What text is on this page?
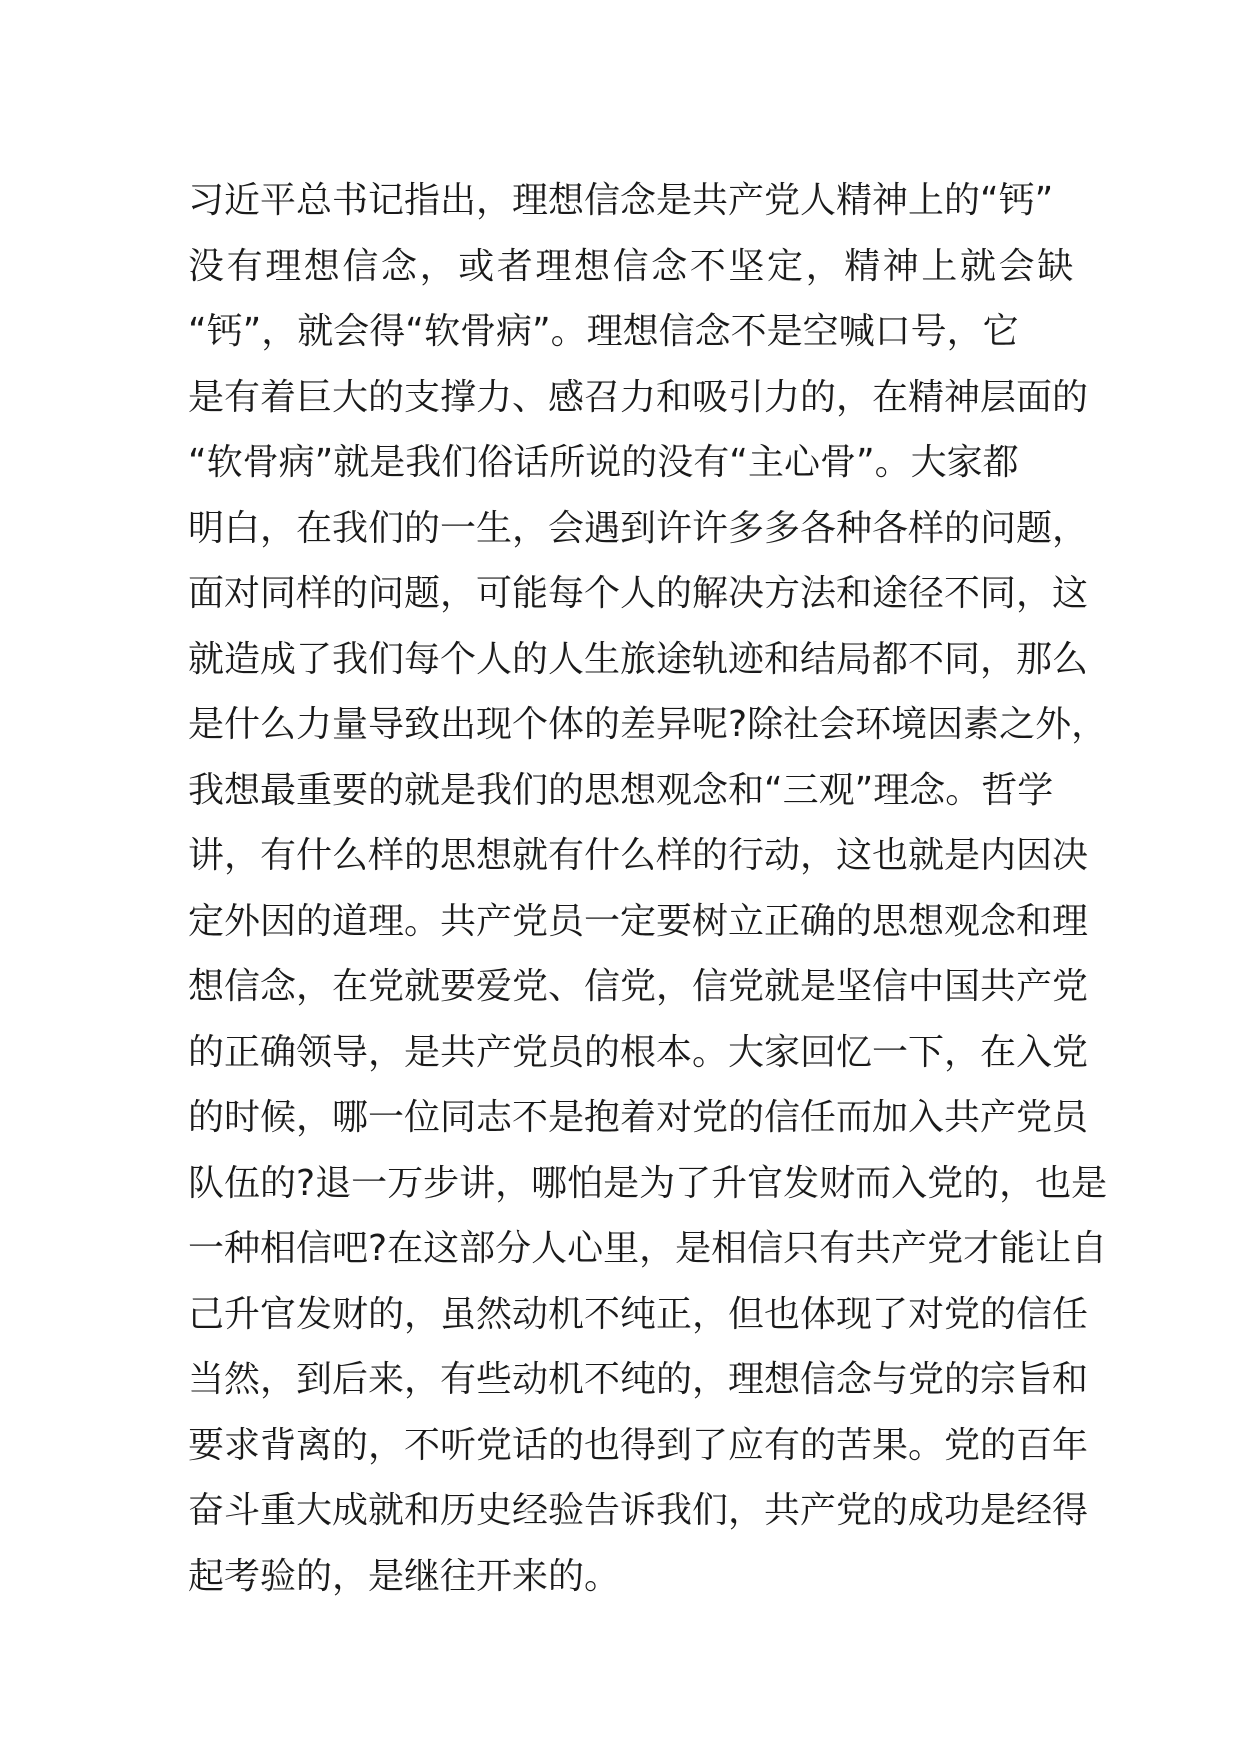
习近平总书记指出，理想信念是共产党人精神上的“钙”
没有理想信念，或者理想信念不坚定，精神上就会缺
“钙”，就会得“软骨病”。理想信念不是空喊口号，它
是有着巨大的支撑力、感召力和吸引力的，在精神层面的
“软骨病”就是我们俗话所说的没有“主心骨”。大家都
明白，在我们的一生，会遇到许许多多各种各样的问题，
面对同样的问题，可能每个人的解决方法和途径不同，这
就造成了我们每个人的人生旅途轨迹和结局都不同，那么
是什么力量导致出现个体的差异呢?除社会环境因素之外，
我想最重要的就是我们的思想观念和“三观”理念。哲学
讲，有什么样的思想就有什么样的行动，这也就是内因决
定外因的道理。共产党员一定要树立正确的思想观念和理
想信念，在党就要爱党、信党，信党就是坚信中国共产党
的正确领导，是共产党员的根本。大家回忆一下，在入党
的时候，哪一位同志不是抱着对党的信任而加入共产党员
队伍的?退一万步讲，哪怕是为了升官发财而入党的，也是
一种相信吧?在这部分人心里，是相信只有共产党才能让自
己升官发财的，虽然动机不纯正，但也体现了对党的信任
当然，到后来，有些动机不纯的，理想信念与党的宗旨和
要求背离的，不听党话的也得到了应有的苦果。党的百年
奋斗重大成就和历史经验告诉我们，共产党的成功是经得
起考验的，是继往开来的。
